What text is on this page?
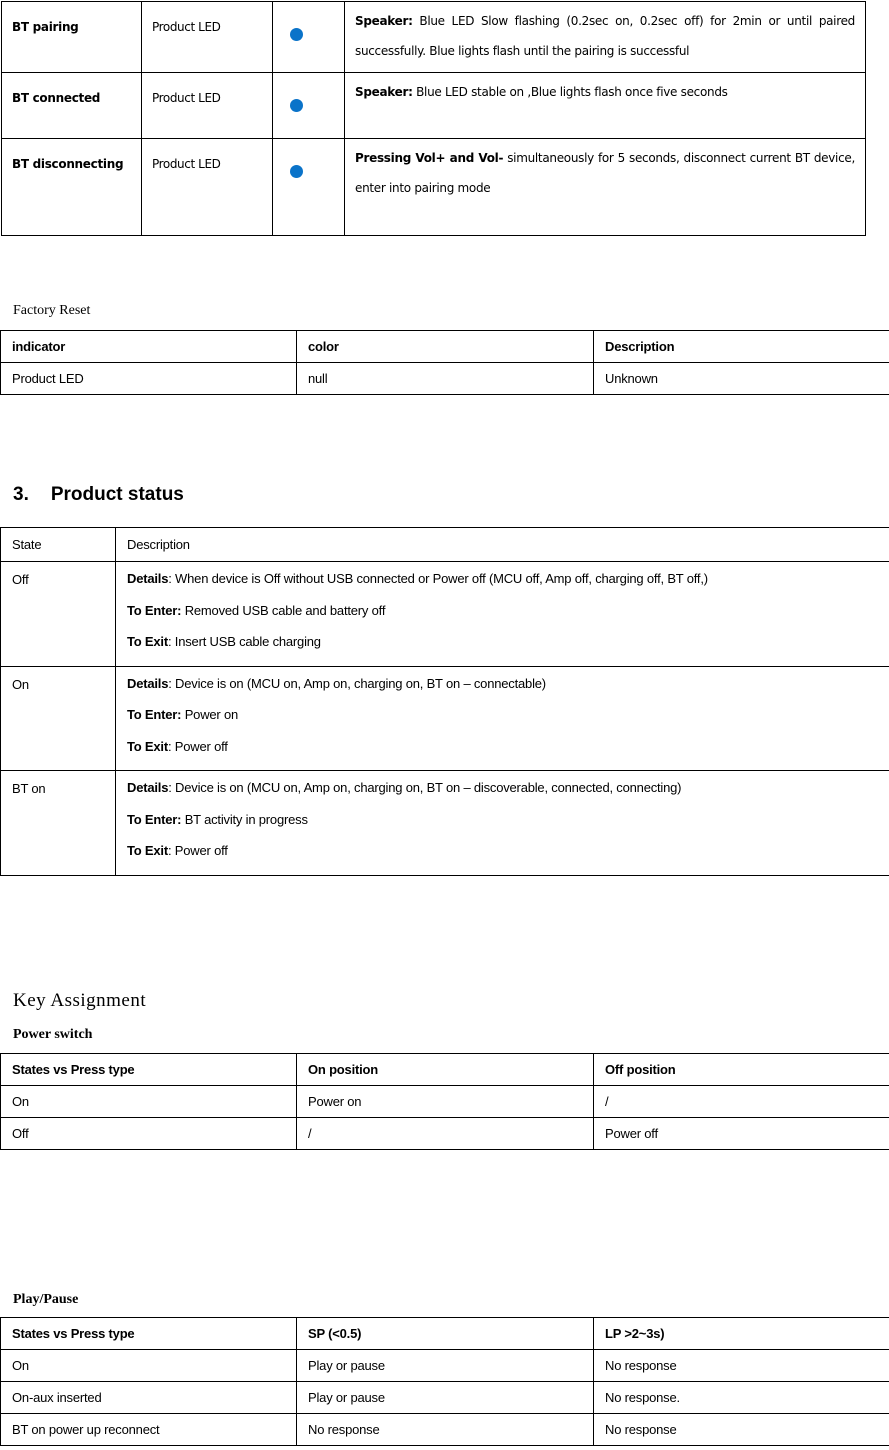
BT pairing	Product LED		Speaker: Blue LED Slow flashing (0.2sec on, 0.2sec off) for 2min or until paired successfully. Blue lights flash until the pairing is successful
BT connected	Product LED		Speaker: Blue LED stable on ,Blue lights flash once five seconds
BT disconnecting	Product LED		Pressing Vol+ and Vol- simultaneously for 5 seconds, disconnect current BT device, enter into pairing mode
Factory Reset
indicator	color	Description
Product LED	null	Unknown
3. Product status
State	Description
Off	Details: When device is Off without USB connected or Power off (MCU off, Amp off, charging off, BT off,)
To Enter: Removed USB cable and battery off
To Exit: Insert USB cable charging

On	Details: Device is on (MCU on, Amp on, charging on, BT on – connectable)
To Enter: Power on
To Exit: Power off

BT on	Details: Device is on (MCU on, Amp on, charging on, BT on – discoverable, connected, connecting)
To Enter: BT activity in progress
To Exit: Power off
Key Assignment
Power switch
States vs Press type	On position	Off position
On	Power on	/
Off	/	Power off
Play/Pause
States vs Press type	SP (<0.5)	LP >2~3s)
On	Play or pause	No response
On-aux inserted	Play or pause	No response.
BT on power up reconnect	No response	No response
